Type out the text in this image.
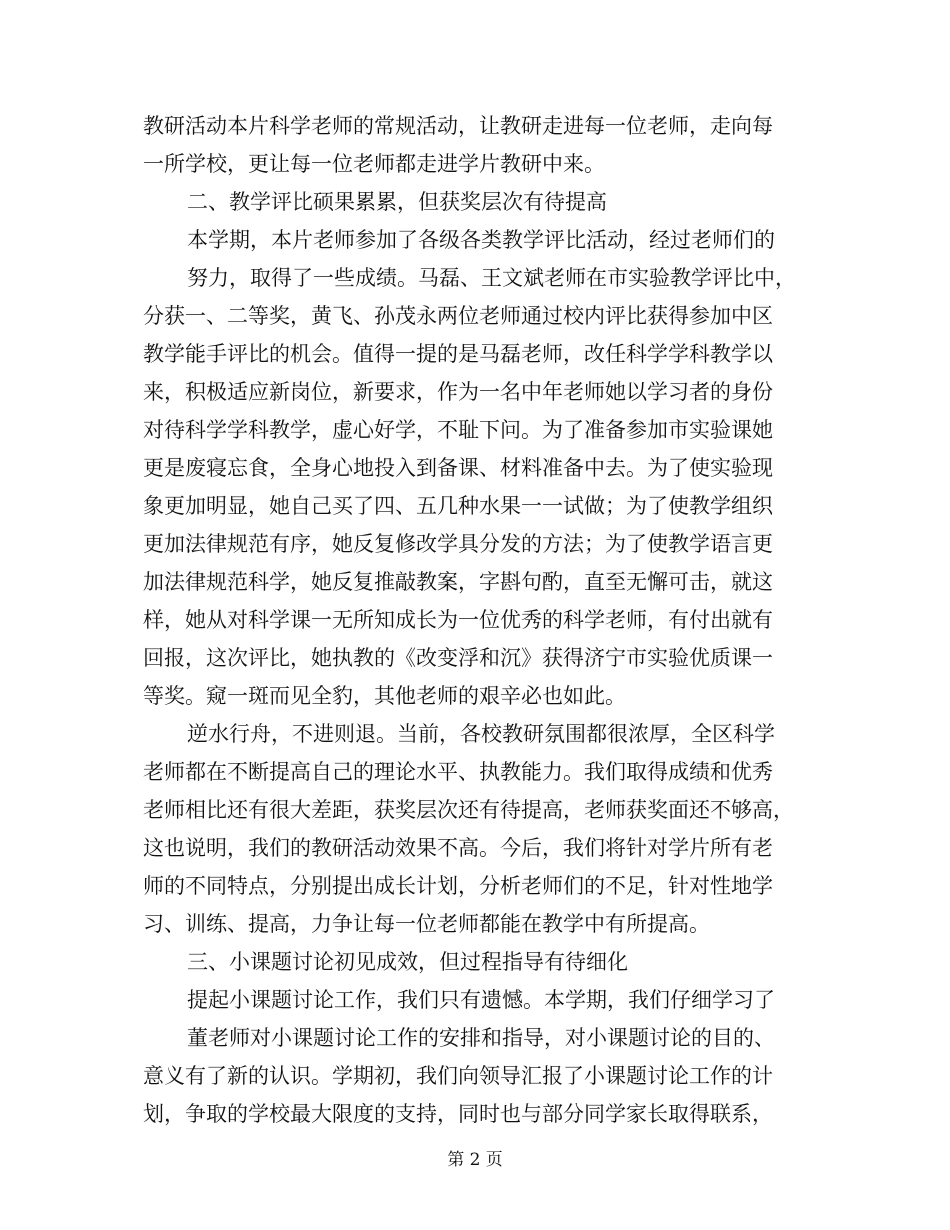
教研活动本片科学老师的常规活动，让教研走进每一位老师，走向每
一所学校，更让每一位老师都走进学片教研中来。
二、教学评比硕果累累，但获奖层次有待提高
本学期，本片老师参加了各级各类教学评比活动，经过老师们的
努力，取得了一些成绩。马磊、王文斌老师在市实验教学评比中，
分获一、二等奖，黄飞、孙茂永两位老师通过校内评比获得参加中区
教学能手评比的机会。值得一提的是马磊老师，改任科学学科教学以
来，积极适应新岗位，新要求，作为一名中年老师她以学习者的身份
对待科学学科教学，虚心好学，不耻下问。为了准备参加市实验课她
更是废寝忘食，全身心地投入到备课、材料准备中去。为了使实验现
象更加明显，她自己买了四、五几种水果一一试做；为了使教学组织
更加法律规范有序，她反复修改学具分发的方法；为了使教学语言更
加法律规范科学，她反复推敲教案，字斟句酌，直至无懈可击，就这
样，她从对科学课一无所知成长为一位优秀的科学老师，有付出就有
回报，这次评比，她执教的《改变浮和沉》获得济宁市实验优质课一
等奖。窥一斑而见全豹，其他老师的艰辛必也如此。
逆水行舟，不进则退。当前，各校教研氛围都很浓厚，全区科学
老师都在不断提高自己的理论水平、执教能力。我们取得成绩和优秀
老师相比还有很大差距，获奖层次还有待提高，老师获奖面还不够高，
这也说明，我们的教研活动效果不高。今后，我们将针对学片所有老
师的不同特点，分别提出成长计划，分析老师们的不足，针对性地学
习、训练、提高，力争让每一位老师都能在教学中有所提高。
三、小课题讨论初见成效，但过程指导有待细化
提起小课题讨论工作，我们只有遗憾。本学期，我们仔细学习了
董老师对小课题讨论工作的安排和指导，对小课题讨论的目的、
意义有了新的认识。学期初，我们向领导汇报了小课题讨论工作的计
划，争取的学校最大限度的支持，同时也与部分同学家长取得联系，
第 2 页
